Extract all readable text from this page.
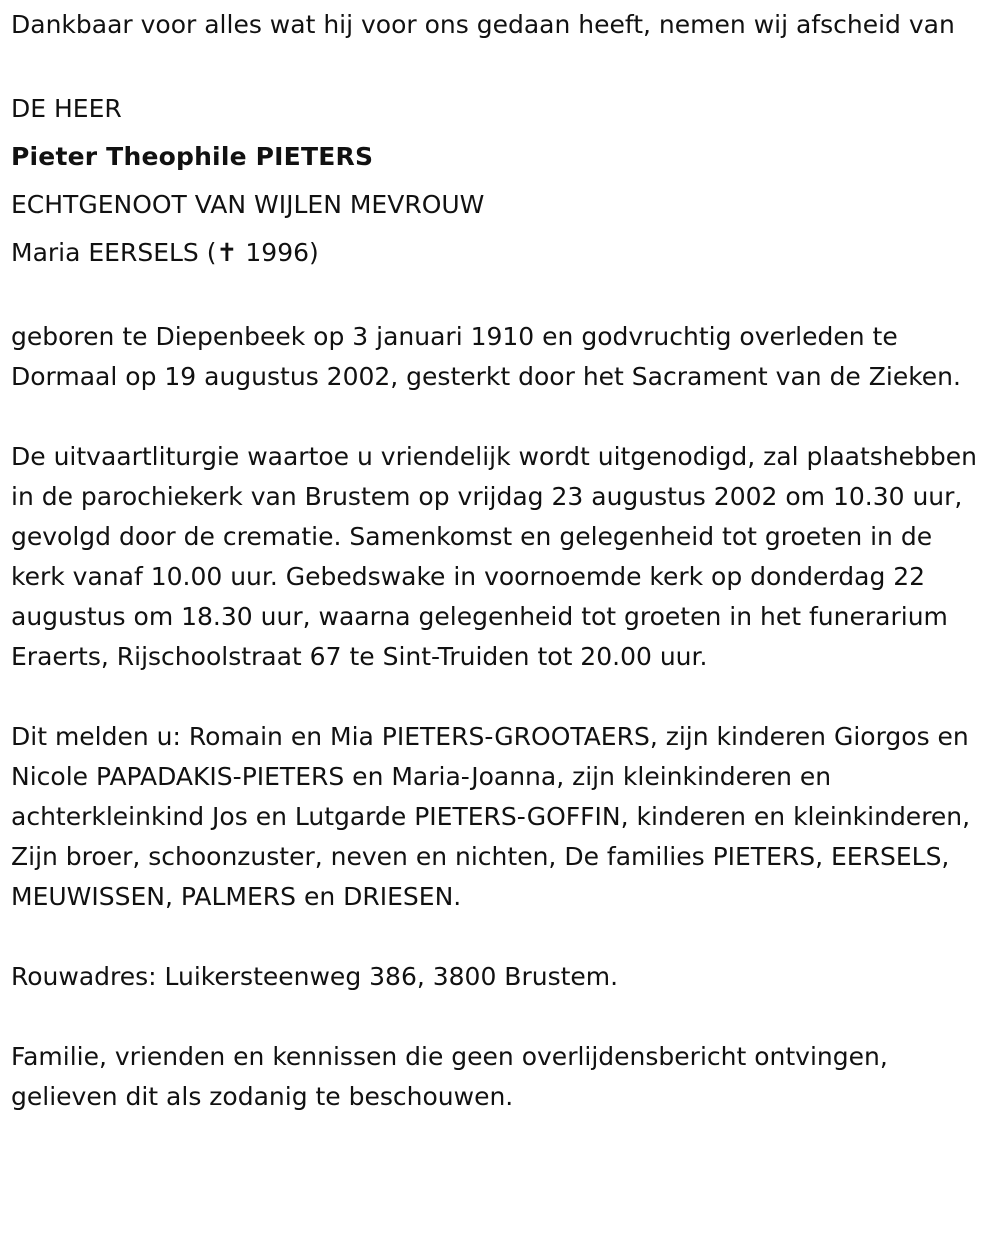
Dankbaar voor alles wat hij voor ons gedaan heeft, nemen wij afscheid van

DE HEER

Pieter Theophile PIETERS

ECHTGENOOT VAN WIJLEN MEVROUW

Maria EERSELS (✝ 1996)

geboren te Diepenbeek op 3 januari 1910 en godvruchtig overleden te Dormaal op 19 augustus 2002, gesterkt door het Sacrament van de Zieken.

De uitvaartliturgie waartoe u vriendelijk wordt uitgenodigd, zal plaatshebben in de parochiekerk van Brustem op vrijdag 23 augustus 2002 om 10.30 uur, gevolgd door de crematie. Samenkomst en gelegenheid tot groeten in de kerk vanaf 10.00 uur. Gebedswake in voornoemde kerk op donderdag 22 augustus om 18.30 uur, waarna gelegenheid tot groeten in het funerarium Eraerts, Rijschoolstraat 67 te Sint-Truiden tot 20.00 uur.

Dit melden u: Romain en Mia PIETERS-GROOTAERS, zijn kinderen Giorgos en Nicole PAPADAKIS-PIETERS en Maria-Joanna, zijn kleinkinderen en achterkleinkind Jos en Lutgarde PIETERS-GOFFIN, kinderen en kleinkinderen, Zijn broer, schoonzuster, neven en nichten, De families PIETERS, EERSELS, MEUWISSEN, PALMERS en DRIESEN.

Rouwadres: Luikersteenweg 386, 3800 Brustem.

Familie, vrienden en kennissen die geen overlijdensbericht ontvingen, gelieven dit als zodanig te beschouwen.
